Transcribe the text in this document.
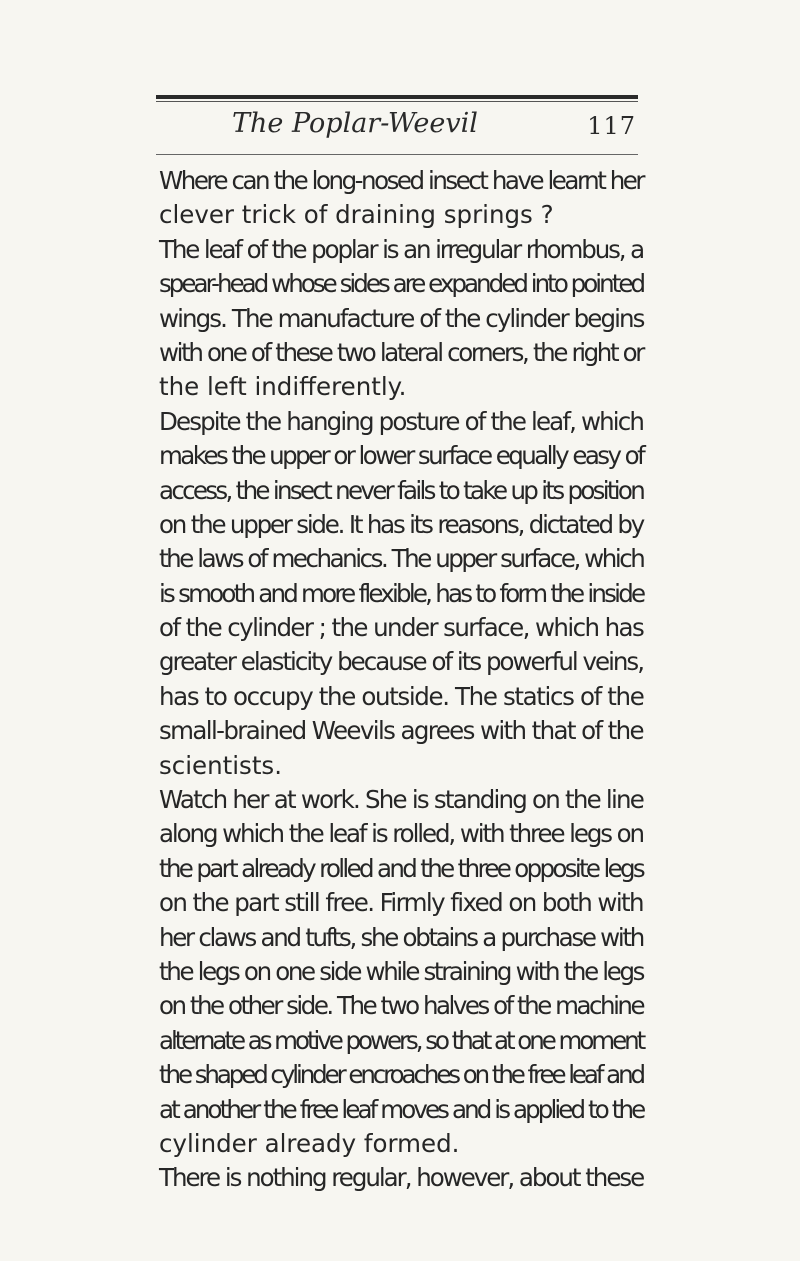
The Poplar-Weevil	117
Where can the long-nosed insect have learnt her
clever trick of draining springs ?
The leaf of the poplar is an irregular rhombus, a
spear-head whose sides are expanded into pointed
wings. The manufacture of the cylinder begins
with one of these two lateral corners, the right or
the left indifferently.
Despite the hanging posture of the leaf, which
makes the upper or lower surface equally easy of
access, the insect never fails to take up its position
on the upper side. It has its reasons, dictated by
the laws of mechanics. The upper surface, which
is smooth and more flexible, has to form the inside
of the cylinder ; the under surface, which has
greater elasticity because of its powerful veins,
has to occupy the outside. The statics of the
small-brained Weevils agrees with that of the
scientists.
Watch her at work. She is standing on the line
along which the leaf is rolled, with three legs on
the part already rolled and the three opposite legs
on the part still free. Firmly fixed on both with
her claws and tufts, she obtains a purchase with
the legs on one side while straining with the legs
on the other side. The two halves of the machine
alternate as motive powers, so that at one moment
the shaped cylinder encroaches on the free leaf and
at another the free leaf moves and is applied to the
cylinder already formed.
There is nothing regular, however, about these
